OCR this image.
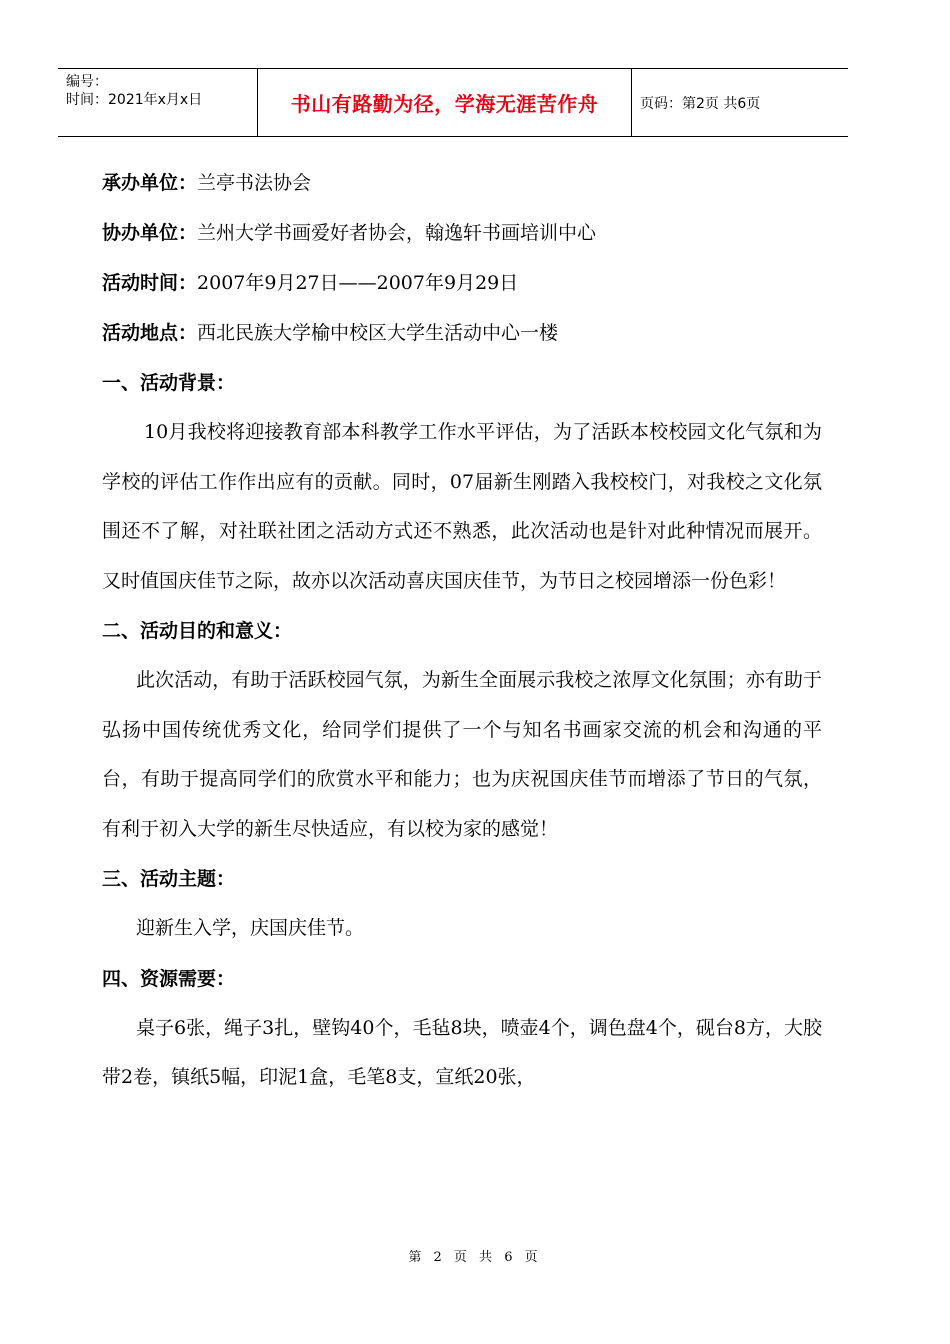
编号：
时间：2021年x月x日	书山有路勤为径，学海无涯苦作舟	页码：第2页 共6页
承办单位：兰亭书法协会
协办单位：兰州大学书画爱好者协会，翰逸轩书画培训中心
活动时间：2007年9月27日——2007年9月29日
活动地点：西北民族大学榆中校区大学生活动中心一楼
一、活动背景：

10月我校将迎接教育部本科教学工作水平评估，为了活跃本校校园文化气氛和为学校的评估工作作出应有的贡献。同时，07届新生刚踏入我校校门，对我校之文化氛围还不了解，对社联社团之活动方式还不熟悉，此次活动也是针对此种情况而展开。又时值国庆佳节之际，故亦以次活动喜庆国庆佳节，为节日之校园增添一份色彩！

二、活动目的和意义：

此次活动，有助于活跃校园气氛，为新生全面展示我校之浓厚文化氛围；亦有助于弘扬中国传统优秀文化，给同学们提供了一个与知名书画家交流的机会和沟通的平台，有助于提高同学们的欣赏水平和能力；也为庆祝国庆佳节而增添了节日的气氛，有利于初入大学的新生尽快适应，有以校为家的感觉！

三、活动主题：

迎新生入学，庆国庆佳节。

四、资源需要：

桌子6张，绳子3扎，壁钩40个，毛毡8块，喷壶4个，调色盘4个，砚台8方，大胶带2卷，镇纸5幅，印泥1盒，毛笔8支，宣纸20张，

第 2 页 共 6 页
